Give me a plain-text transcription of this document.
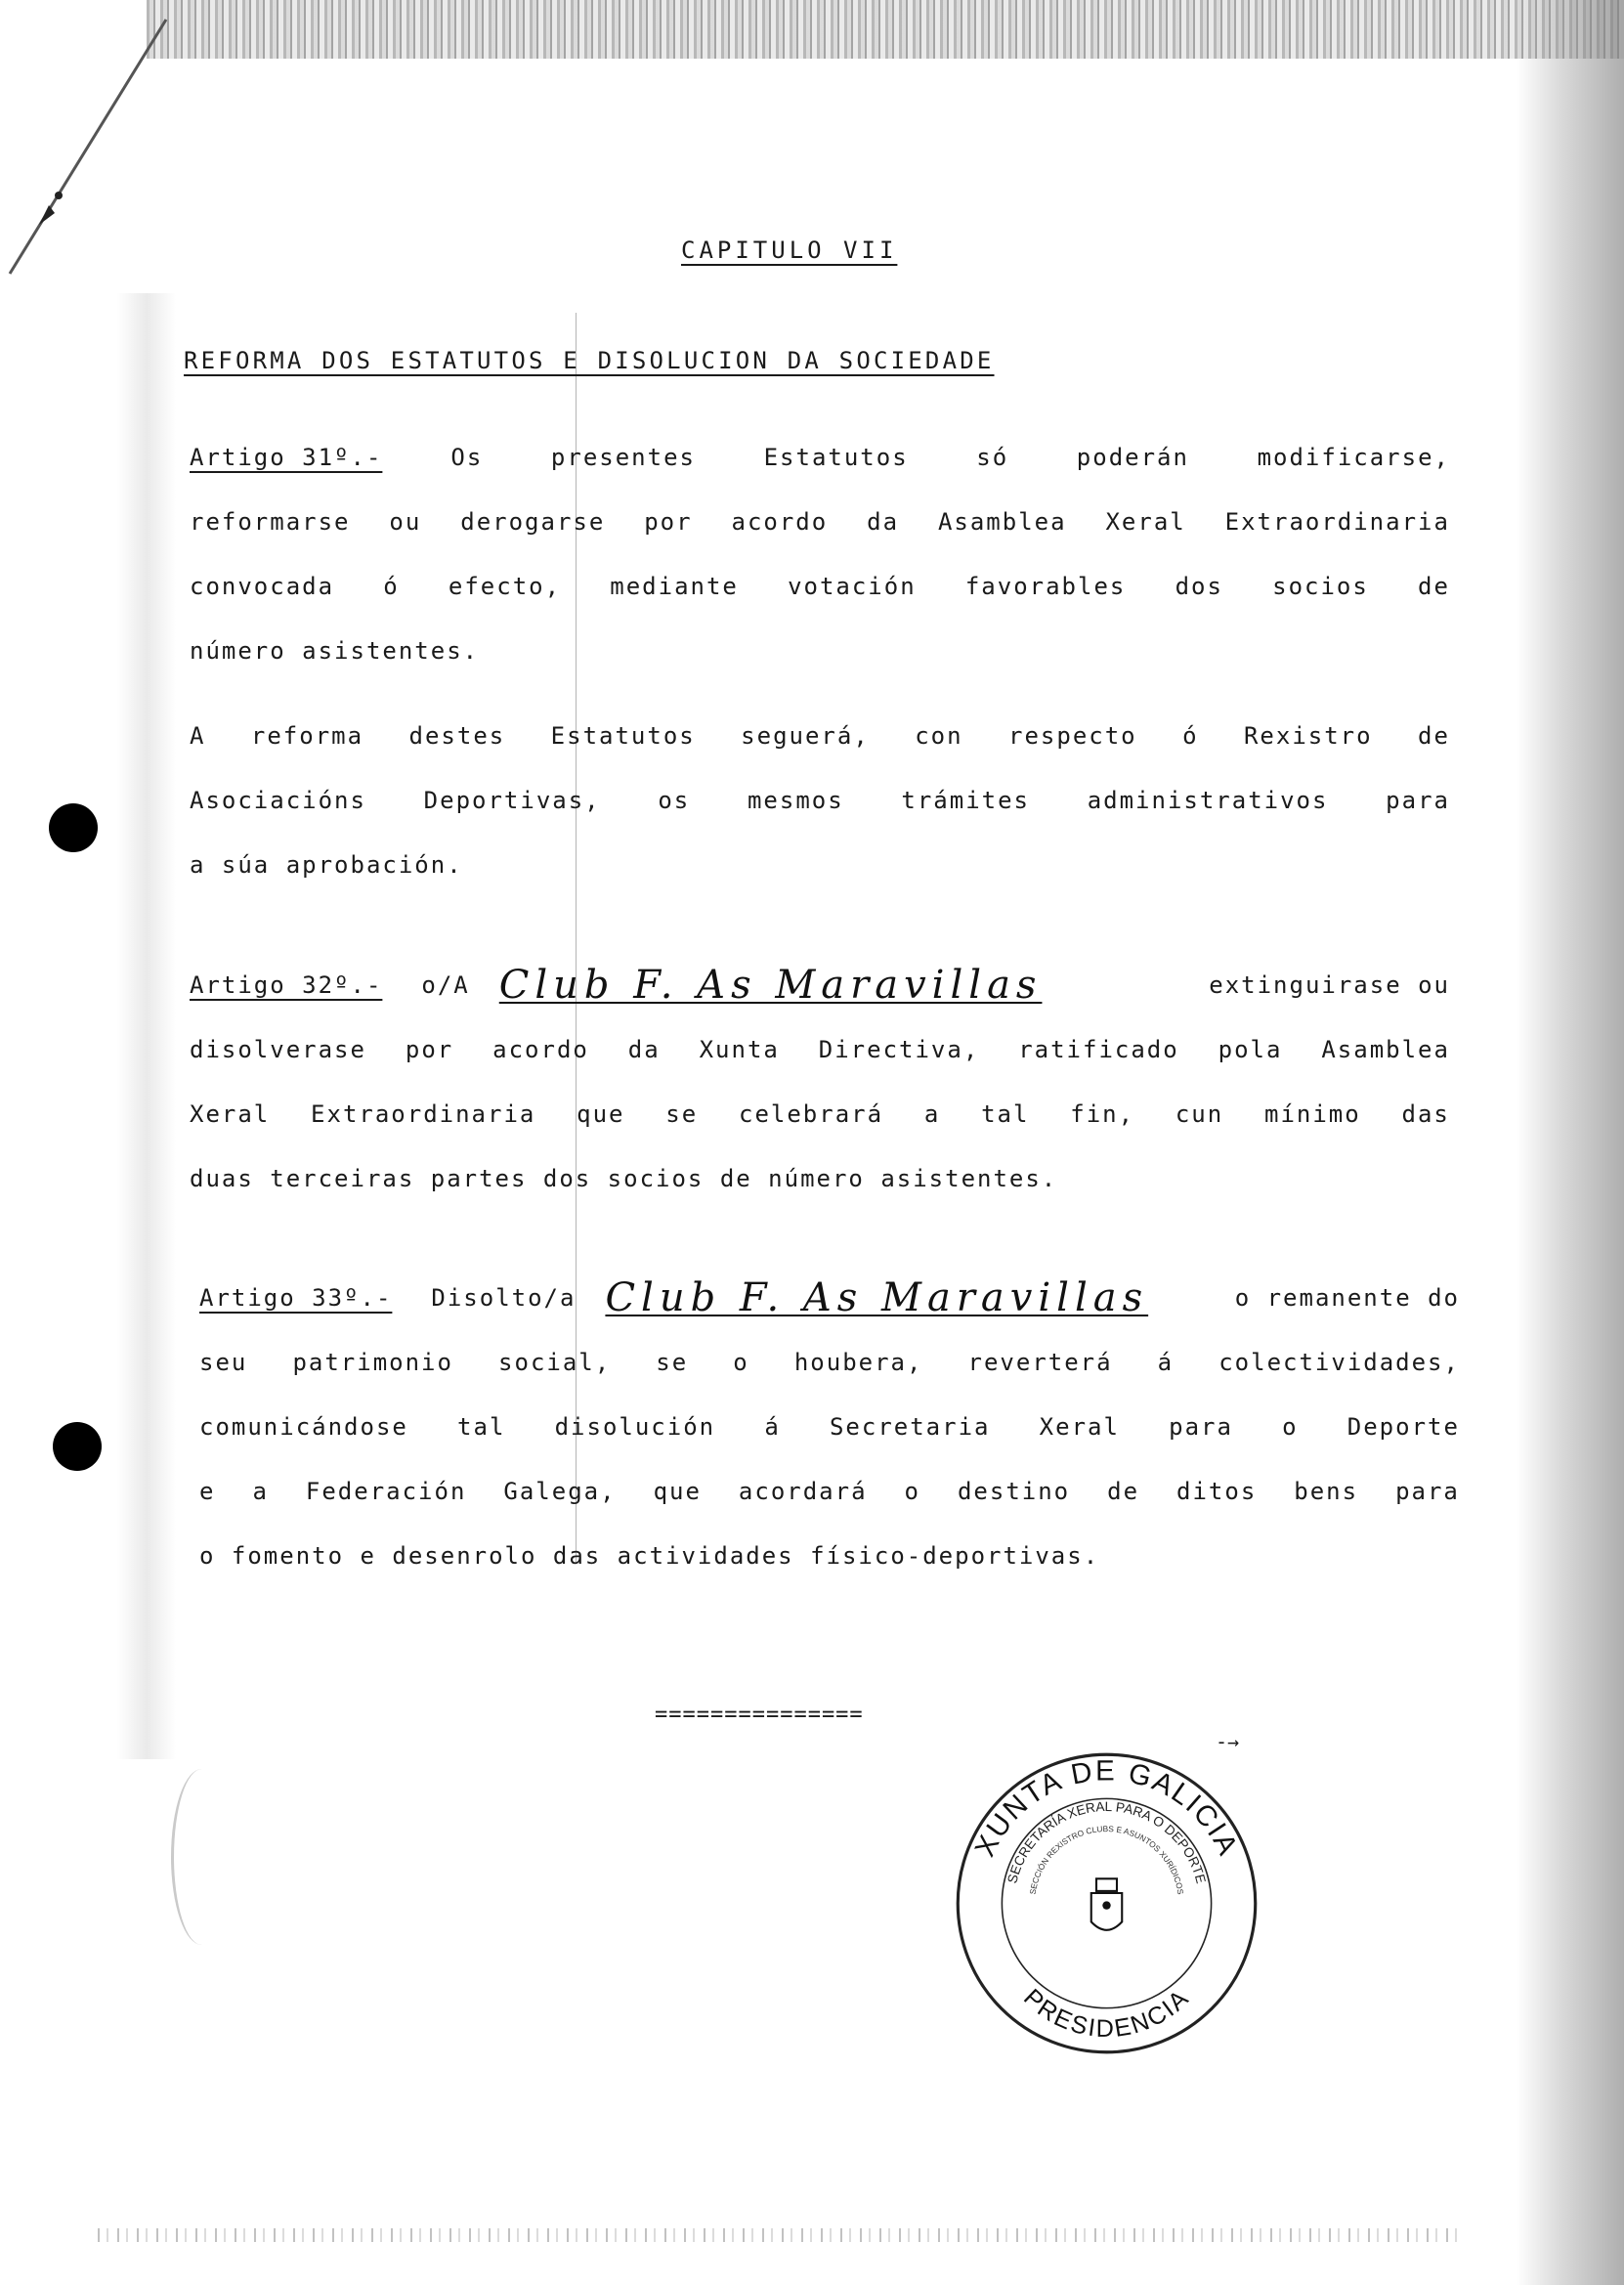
CAPITULO VII
REFORMA DOS ESTATUTOS E DISOLUCION DA SOCIEDADE
Artigo 31º.-	Os	presentes	Estatutos	só	poderán	modificarse,
reformarse ou derogarse por acordo da Asamblea Xeral Extraordinaria
convocada ó efecto, mediante votación favorables dos socios de
número asistentes.
A reforma destes Estatutos seguerá, con respecto ó Rexistro de
Asociacións Deportivas, os mesmos trámites administrativos para
a súa aprobación.
Artigo 32º.- o/A Club F. As Maravillas	extinguirase ou
disolverase por acordo da Xunta Directiva, ratificado pola Asamblea
Xeral Extraordinaria que se celebrará a tal fin, cun mínimo das
duas terceiras partes dos socios de número asistentes.
Artigo 33º.- Disolto/a Club F. As Maravillas	o remanente do
seu patrimonio social, se o houbera, reverterá á colectividades,
comunicándose tal disolución á Secretaria Xeral para o Deporte
e a Federación Galega, que acordará o destino de ditos bens para
o fomento e desenrolo das actividades físico-deportivas.
===============
-→
XUNTA DE GALICIA
PRESIDENCIA
SECRETARÍA XERAL PARA O DEPORTE
SECCIÓN REXISTRO CLUBS E ASUNTOS XURÍDICOS
